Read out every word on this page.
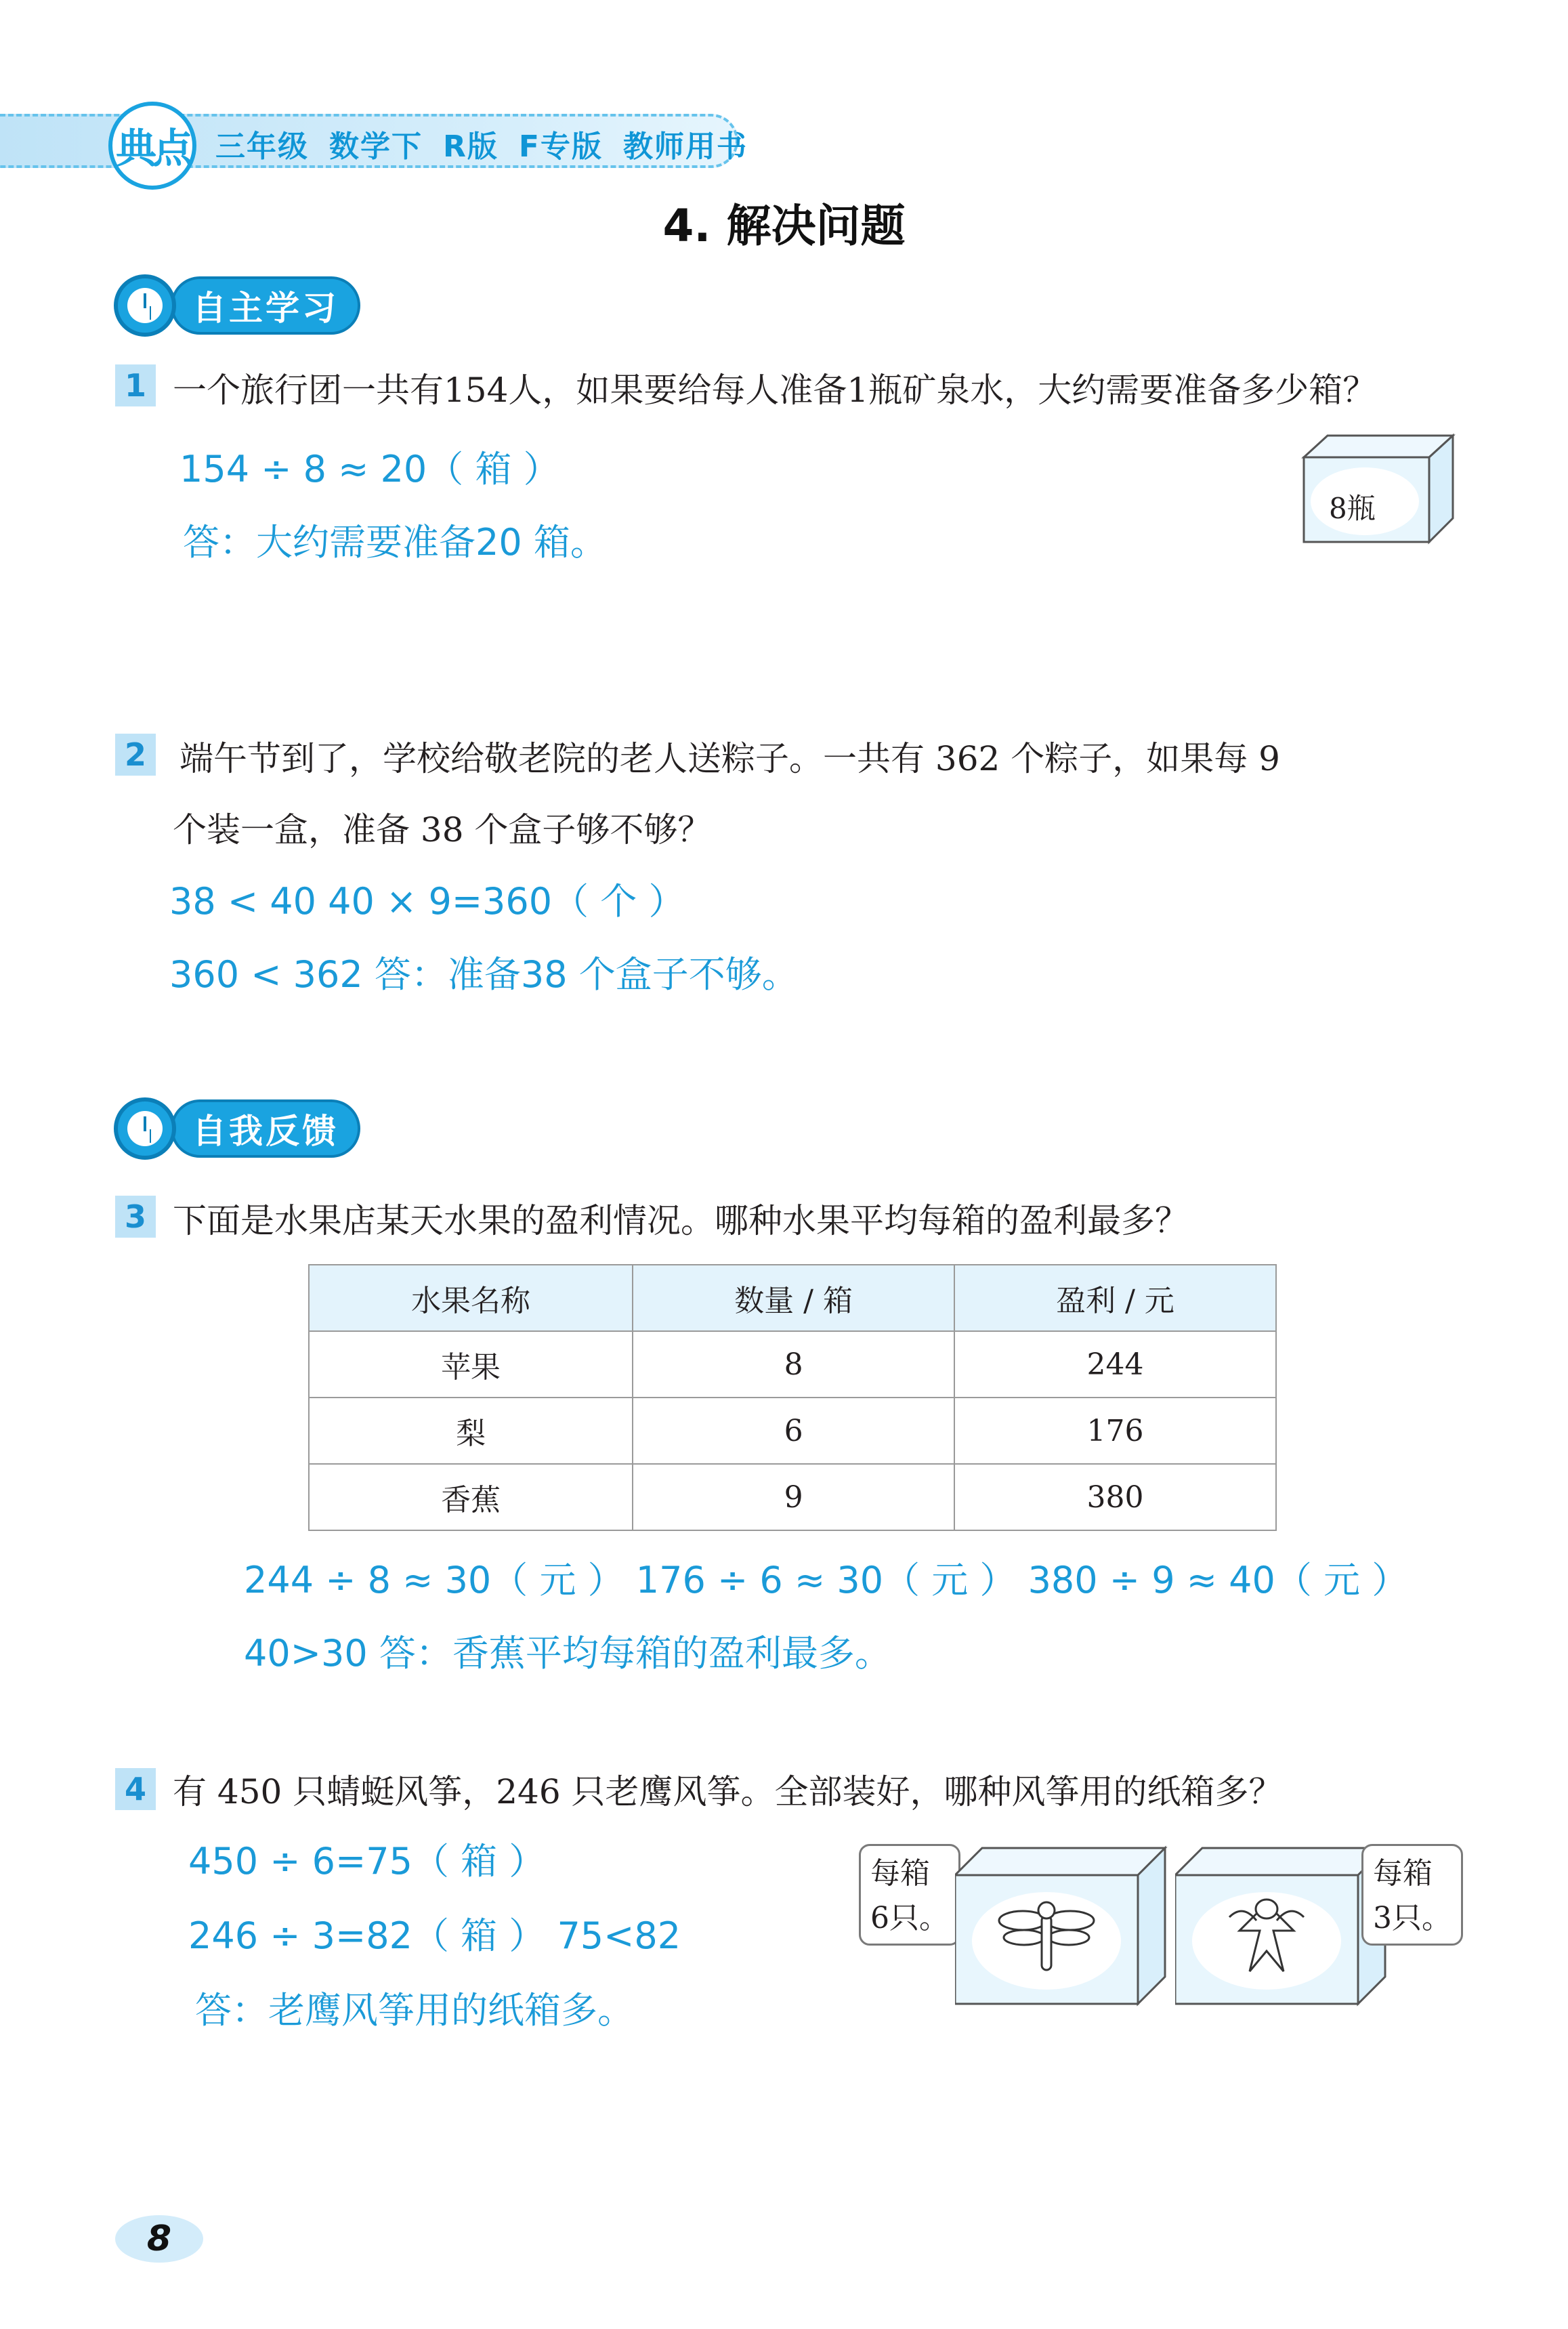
典点 三年级 数学下 R版 F专版 教师用书
4. 解决问题
自主学习
1 一个旅行团一共有154人，如果要给每人准备1瓶矿泉水，大约需要准备多少箱？
154 ÷ 8 ≈ 20（ 箱 ）
答：大约需要准备20 箱。
8瓶
2 端午节到了，学校给敬老院的老人送粽子。一共有 362 个粽子，如果每 9
个装一盒，准备 38 个盒子够不够？
38 < 40 40 × 9=360（ 个 ）
360 < 362 答：准备38 个盒子不够。
自我反馈
3 下面是水果店某天水果的盈利情况。哪种水果平均每箱的盈利最多？
水果名称	数量 / 箱	盈利 / 元
苹果	8	244
梨	6	176
香蕉	9	380
244 ÷ 8 ≈ 30（ 元 ） 176 ÷ 6 ≈ 30（ 元 ） 380 ÷ 9 ≈ 40（ 元 ）
40>30 答：香蕉平均每箱的盈利最多。
4 有 450 只蜻蜓风筝，246 只老鹰风筝。全部装好，哪种风筝用的纸箱多？
450 ÷ 6=75（ 箱 ）
246 ÷ 3=82（ 箱 ） 75<82
答：老鹰风筝用的纸箱多。
每箱
6只。
每箱
3只。
8
